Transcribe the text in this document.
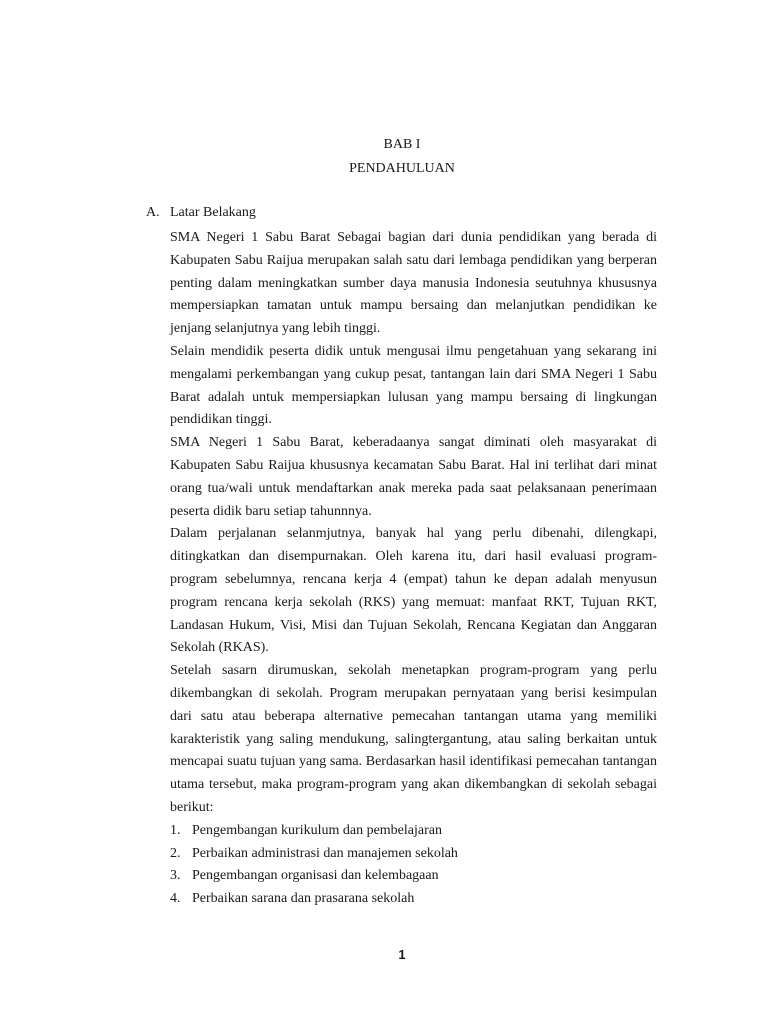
BAB I
PENDAHULUAN
A. Latar Belakang

SMA Negeri 1 Sabu Barat Sebagai bagian dari dunia pendidikan yang berada di Kabupaten Sabu Raijua merupakan salah satu dari lembaga pendidikan yang berperan penting dalam meningkatkan sumber daya manusia Indonesia seutuhnya khususnya mempersiapkan tamatan untuk mampu bersaing dan melanjutkan pendidikan ke jenjang selanjutnya yang lebih tinggi.

Selain mendidik peserta didik untuk mengusai ilmu pengetahuan yang sekarang ini mengalami perkembangan yang cukup pesat, tantangan lain dari SMA Negeri 1 Sabu Barat adalah untuk mempersiapkan lulusan yang mampu bersaing di lingkungan pendidikan tinggi.

SMA Negeri 1 Sabu Barat, keberadaanya sangat diminati oleh masyarakat di Kabupaten Sabu Raijua khususnya kecamatan Sabu Barat. Hal ini terlihat dari minat orang tua/wali untuk mendaftarkan anak mereka pada saat pelaksanaan penerimaan peserta didik baru setiap tahunnnya.

Dalam perjalanan selanmjutnya, banyak hal yang perlu dibenahi, dilengkapi, ditingkatkan dan disempurnakan. Oleh karena itu, dari hasil evaluasi program-program sebelumnya, rencana kerja 4 (empat) tahun ke depan adalah menyusun program rencana kerja sekolah (RKS) yang memuat: manfaat RKT, Tujuan RKT, Landasan Hukum, Visi, Misi dan Tujuan Sekolah, Rencana Kegiatan dan Anggaran Sekolah (RKAS).

Setelah sasarn dirumuskan, sekolah menetapkan program-program yang perlu dikembangkan di sekolah. Program merupakan pernyataan yang berisi kesimpulan dari satu atau beberapa alternative pemecahan tantangan utama yang memiliki karakteristik yang saling mendukung, salingtergantung, atau saling berkaitan untuk mencapai suatu tujuan yang sama. Berdasarkan hasil identifikasi pemecahan tantangan utama tersebut, maka program-program yang akan dikembangkan di sekolah sebagai berikut:

1. Pengembangan kurikulum dan pembelajaran
2. Perbaikan administrasi dan manajemen sekolah
3. Pengembangan organisasi dan kelembagaan
4. Perbaikan sarana dan prasarana sekolah
1
